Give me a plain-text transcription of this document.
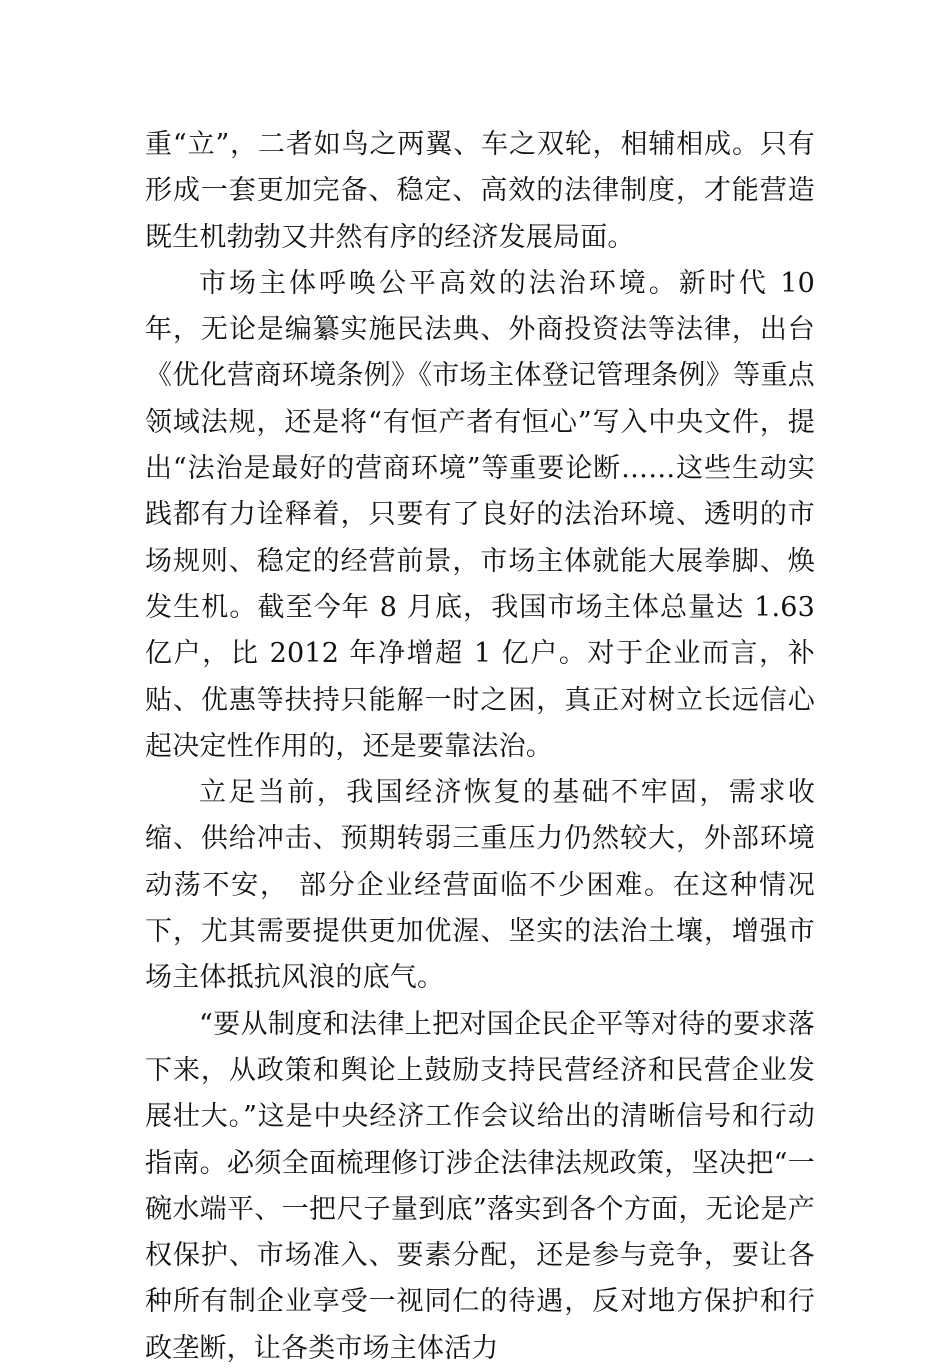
重“立”，二者如鸟之两翼、车之双轮，相辅相成。只有形成一套更加完备、稳定、高效的法律制度，才能营造既生机勃勃又井然有序的经济发展局面。

市场主体呼唤公平高效的法治环境。新时代 10 年，无论是编纂实施民法典、外商投资法等法律，出台《优化营商环境条例》《市场主体登记管理条例》等重点领域法规，还是将“有恒产者有恒心”写入中央文件，提出“法治是最好的营商环境”等重要论断……这些生动实践都有力诠释着，只要有了良好的法治环境、透明的市场规则、稳定的经营前景，市场主体就能大展拳脚、焕发生机。截至今年 8 月底，我国市场主体总量达 1.63 亿户，比 2012 年净增超 1 亿户。对于企业而言，补贴、优惠等扶持只能解一时之困，真正对树立长远信心起决定性作用的，还是要靠法治。

立足当前，我国经济恢复的基础不牢固，需求收缩、供给冲击、预期转弱三重压力仍然较大，外部环境动荡不安， 部分企业经营面临不少困难。在这种情况下，尤其需要提供更加优渥、坚实的法治土壤，增强市场主体抵抗风浪的底气。

“要从制度和法律上把对国企民企平等对待的要求落下来，从政策和舆论上鼓励支持民营经济和民营企业发展壮大。”这是中央经济工作会议给出的清晰信号和行动指南。必须全面梳理修订涉企法律法规政策，坚决把“一碗水端平、一把尺子量到底”落实到各个方面，无论是产权保护、市场准入、要素分配，还是参与竞争，要让各种所有制企业享受一视同仁的待遇，反对地方保护和行政垄断，让各类市场主体活力
